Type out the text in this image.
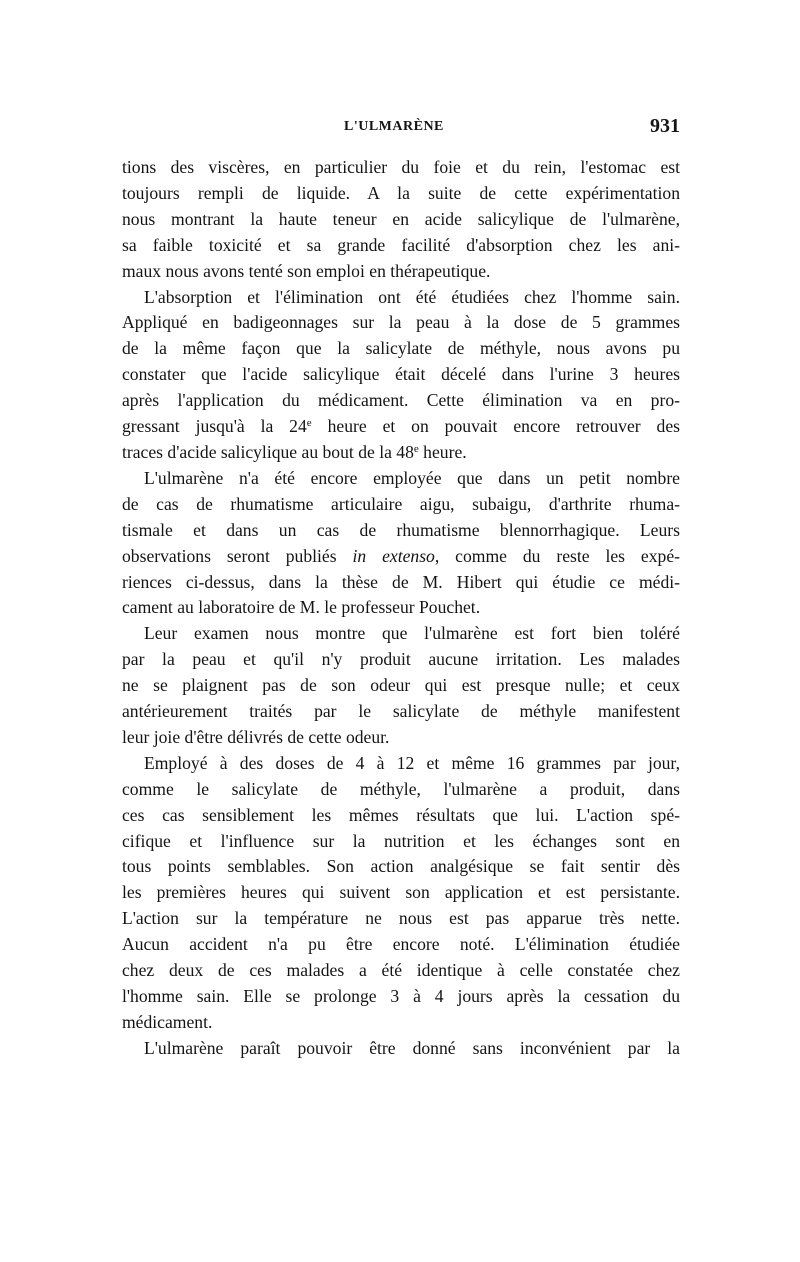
L'ULMARÈNE	931

tions des viscères, en particulier du foie et du rein, l'estomac est
toujours rempli de liquide. A la suite de cette expérimentation
nous montrant la haute teneur en acide salicylique de l'ulmarène,
sa faible toxicité et sa grande facilité d'absorption chez les ani-
maux nous avons tenté son emploi en thérapeutique.

L'absorption et l'élimination ont été étudiées chez l'homme sain.
Appliqué en badigeonnages sur la peau à la dose de 5 grammes
de la même façon que la salicylate de méthyle, nous avons pu
constater que l'acide salicylique était décelé dans l'urine 3 heures
après l'application du médicament. Cette élimination va en pro-
gressant jusqu'à la 24e heure et on pouvait encore retrouver des
traces d'acide salicylique au bout de la 48e heure.

L'ulmarène n'a été encore employée que dans un petit nombre
de cas de rhumatisme articulaire aigu, subaigu, d'arthrite rhuma-
tismale et dans un cas de rhumatisme blennorrhagique. Leurs
observations seront publiés in extenso, comme du reste les expé-
riences ci-dessus, dans la thèse de M. Hibert qui étudie ce médi-
cament au laboratoire de M. le professeur Pouchet.

Leur examen nous montre que l'ulmarène est fort bien toléré
par la peau et qu'il n'y produit aucune irritation. Les malades
ne se plaignent pas de son odeur qui est presque nulle; et ceux
antérieurement traités par le salicylate de méthyle manifestent
leur joie d'être délivrés de cette odeur.

Employé à des doses de 4 à 12 et même 16 grammes par jour,
comme le salicylate de méthyle, l'ulmarène a produit, dans
ces cas sensiblement les mêmes résultats que lui. L'action spé-
cifique et l'influence sur la nutrition et les échanges sont en
tous points semblables. Son action analgésique se fait sentir dès
les premières heures qui suivent son application et est persistante.
L'action sur la température ne nous est pas apparue très nette.
Aucun accident n'a pu être encore noté. L'élimination étudiée
chez deux de ces malades a été identique à celle constatée chez
l'homme sain. Elle se prolonge 3 à 4 jours après la cessation du
médicament.

L'ulmarène paraît pouvoir être donné sans inconvénient par la
